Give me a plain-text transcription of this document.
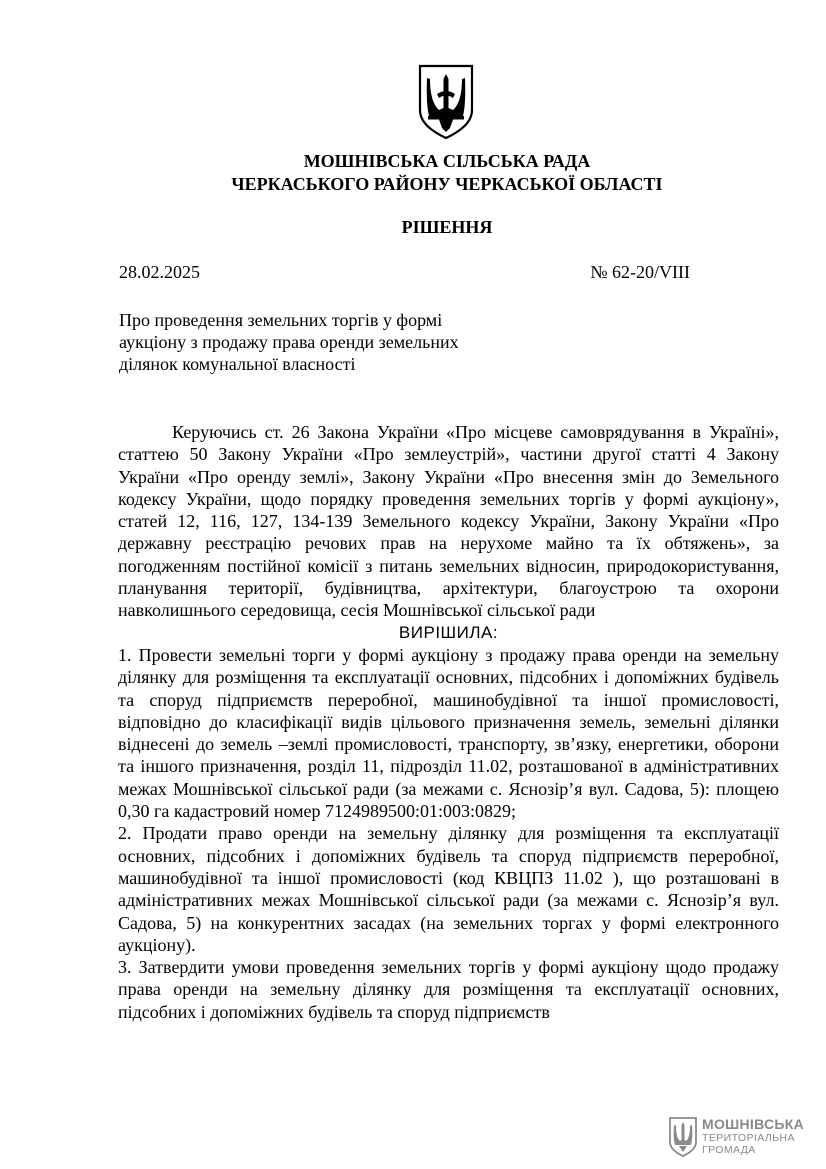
МОШНІВСЬКА СІЛЬСЬКА РАДА
ЧЕРКАСЬКОГО РАЙОНУ ЧЕРКАСЬКОЇ ОБЛАСТІ
РІШЕННЯ
28.02.2025	№ 62-20/VIII
Про проведення земельних торгів у формі аукціону з продажу права оренди земельних ділянок комунальної власності

Керуючись ст. 26 Закона України «Про місцеве самоврядування в Україні», статтею 50 Закону України «Про землеустрій», частини другої статті 4 Закону України «Про оренду землі», Закону України «Про внесення змін до Земельного кодексу України, щодо порядку проведення земельних торгів у формі аукціону», статей 12, 116, 127, 134-139 Земельного кодексу України, Закону України «Про державну реєстрацію речових прав на нерухоме майно та їх обтяжень», за погодженням постійної комісії з питань земельних відносин, природокористування, планування території, будівництва, архітектури, благоустрою та охорони навколишнього середовища, сесія Мошнівської сільської ради

ВИРІШИЛА:

1. Провести земельні торги у формі аукціону з продажу права оренди на земельну ділянку для розміщення та експлуатації основних, підсобних і допоміжних будівель та споруд підприємств переробної, машинобудівної та іншої промисловості, відповідно до класифікації видів цільового призначення земель, земельні ділянки віднесені до земель –землі промисловості, транспорту, зв’язку, енергетики, оборони та іншого призначення, розділ 11, підрозділ 11.02, розташованої в адміністративних межах Мошнівської сільської ради (за межами с. Яснозір’я вул. Садова, 5): площею 0,30 га кадастровий номер 7124989500:01:003:0829;

2. Продати право оренди на земельну ділянку для розміщення та експлуатації основних, підсобних і допоміжних будівель та споруд підприємств переробної, машинобудівної та іншої промисловості (код КВЦПЗ 11.02 ), що розташовані в адміністративних межах Мошнівської сільської ради (за межами с. Яснозір’я вул. Садова, 5) на конкурентних засадах (на земельних торгах у формі електронного аукціону).

3. Затвердити умови проведення земельних торгів у формі аукціону щодо продажу права оренди на земельну ділянку для розміщення та експлуатації основних, підсобних і допоміжних будівель та споруд підприємств

МОШНІВСЬКА
ТЕРИТОРІАЛЬНА
ГРОМАДА
